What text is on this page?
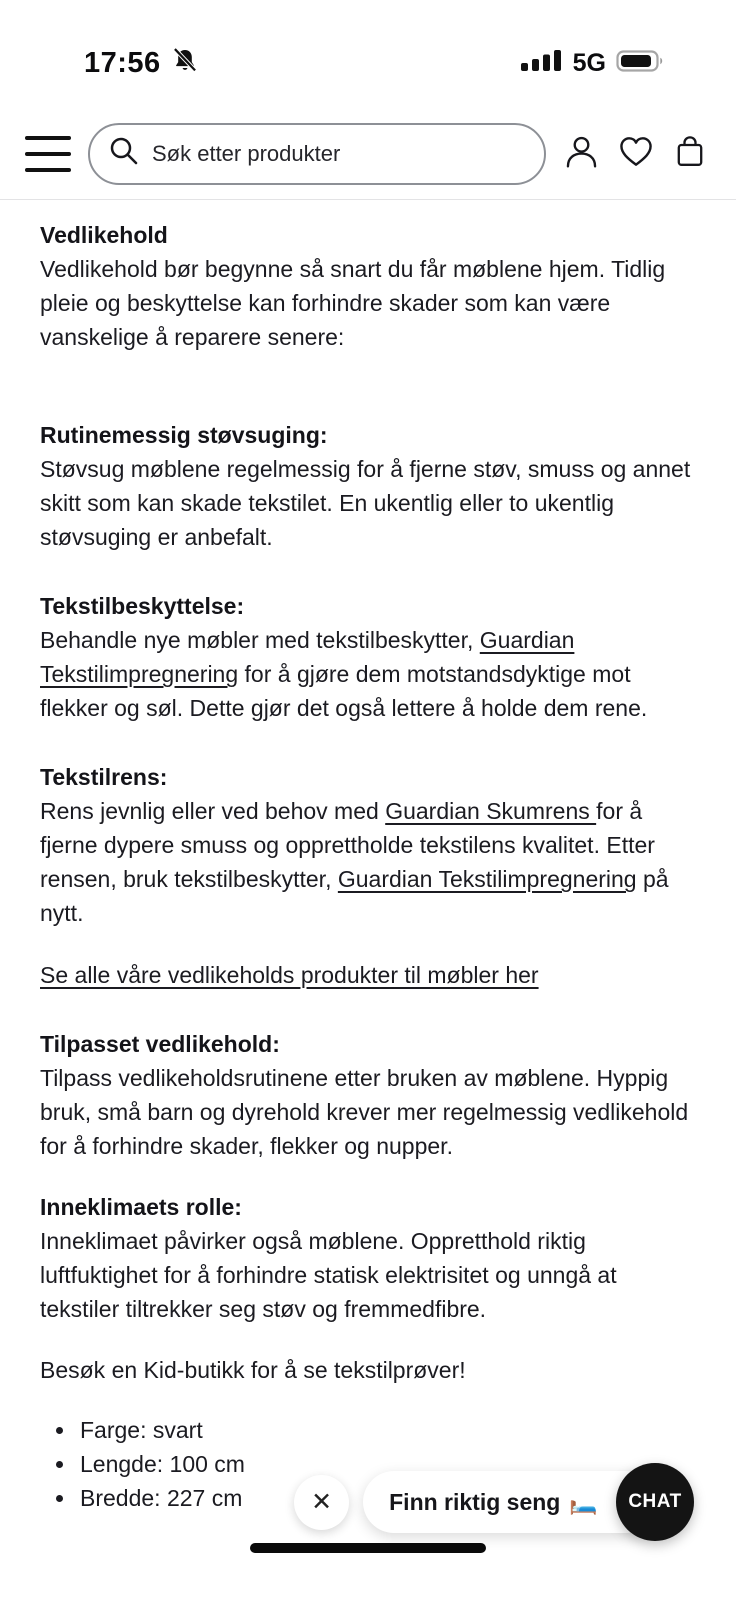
17:56	5G
Søk etter produkter
Vedlikehold

Vedlikehold bør begynne så snart du får møblene hjem. Tidlig pleie og beskyttelse kan forhindre skader som kan være vanskelige å reparere senere:

Rutinemessig støvsuging:

Støvsug møblene regelmessig for å fjerne støv, smuss og annet skitt som kan skade tekstilet. En ukentlig eller to ukentlig støvsuging er anbefalt.

Tekstilbeskyttelse:

Behandle nye møbler med tekstilbeskytter, Guardian Tekstilimpregnering for å gjøre dem motstandsdyktige mot flekker og søl. Dette gjør det også lettere å holde dem rene.

Tekstilrens:

Rens jevnlig eller ved behov med Guardian Skumrens for å fjerne dypere smuss og opprettholde tekstilens kvalitet. Etter rensen, bruk tekstilbeskytter, Guardian Tekstilimpregnering på nytt.

Se alle våre vedlikeholds produkter til møbler her

Tilpasset vedlikehold:

Tilpass vedlikeholdsrutinene etter bruken av møblene. Hyppig bruk, små barn og dyrehold krever mer regelmessig vedlikehold for å forhindre skader, flekker og nupper.

Inneklimaets rolle:

Inneklimaet påvirker også møblene. Oppretthold riktig luftfuktighet for å forhindre statisk elektrisitet og unngå at tekstiler tiltrekker seg støv og fremmedfibre.

Besøk en Kid-butikk for å se tekstilprøver!

• Farge: svart
• Lengde: 100 cm
• Bredde: 227 cm	✕ Finn riktig seng 🛏️	CHAT
